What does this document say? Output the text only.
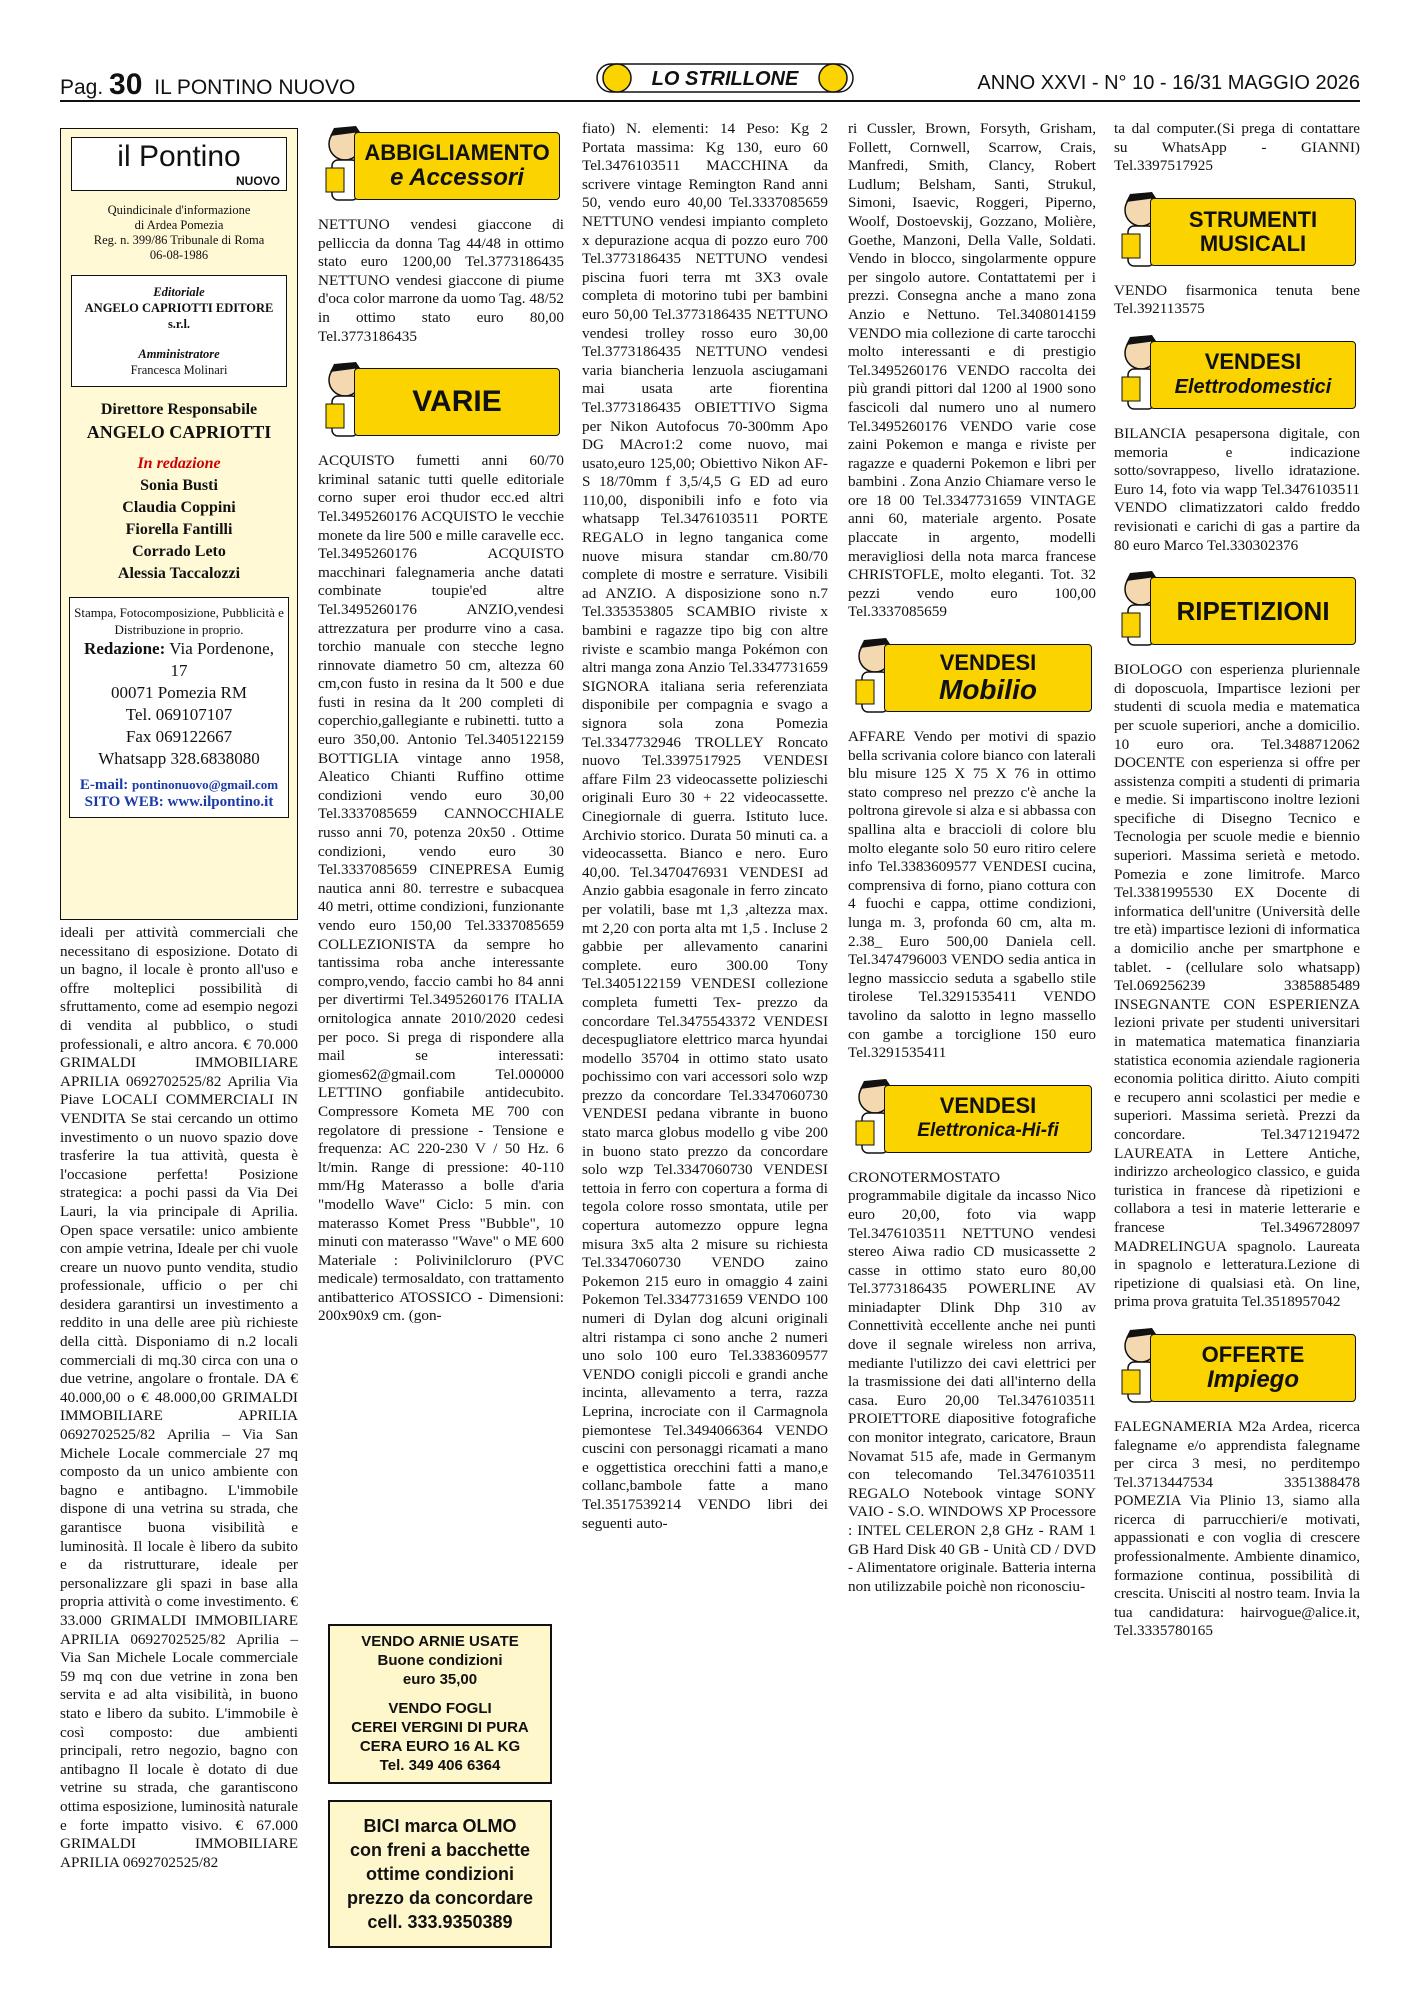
Pag. 30 IL PONTINO NUOVO	LO STRILLONE	ANNO XXVI - N° 10 - 16/31 MAGGIO 2026
il Pontino
NUOVO
Quindicinale d'informazione
di Ardea Pomezia
Reg. n. 399/86 Tribunale di Roma
06-08-1986
Editoriale
ANGELO CAPRIOTTI EDITORE s.r.l.
Amministratore
Francesca Molinari
Direttore Responsabile
ANGELO CAPRIOTTI
In redazione
Sonia Busti
Claudia Coppini
Fiorella Fantilli
Corrado Leto
Alessia Taccalozzi
Stampa, Fotocomposizione, Pubblicità e Distribuzione in proprio.
Redazione: Via Pordenone, 17
00071 Pomezia RM
Tel. 069107107
Fax 069122667
Whatsapp 328.6838080
E-mail: pontinonuovo@gmail.com
SITO WEB: www.ilpontino.it

ideali per attività commerciali che necessitano di esposizione. Dotato di un bagno, il locale è pronto all'uso e offre molteplici possibilità di sfruttamento, come ad esempio negozi di vendita al pubblico, o studi professionali, e altro ancora. € 70.000 GRIMALDI IMMOBILIARE APRILIA 0692702525/82 Aprilia Via Piave LOCALI COMMERCIALI IN VENDITA Se stai cercando un ottimo investimento o un nuovo spazio dove trasferire la tua attività, questa è l'occasione perfetta! Posizione strategica: a pochi passi da Via Dei Lauri, la via principale di Aprilia. Open space versatile: unico ambiente con ampie vetrina, Ideale per chi vuole creare un nuovo punto vendita, studio professionale, ufficio o per chi desidera garantirsi un investimento a reddito in una delle aree più richieste della città. Disponiamo di n.2 locali commerciali di mq.30 circa con una o due vetrine, angolare o frontale. DA € 40.000,00 o € 48.000,00 GRIMALDI IMMOBILIARE APRILIA 0692702525/82 Aprilia – Via San Michele Locale commerciale 27 mq composto da un unico ambiente con bagno e antibagno. L'immobile dispone di una vetrina su strada, che garantisce buona visibilità e luminosità. Il locale è libero da subito e da ristrutturare, ideale per personalizzare gli spazi in base alla propria attività o come investimento. € 33.000 GRIMALDI IMMOBILIARE APRILIA 0692702525/82 Aprilia – Via San Michele Locale commerciale 59 mq con due vetrine in zona ben servita e ad alta visibilità, in buono stato e libero da subito. L'immobile è così composto: due ambienti principali, retro negozio, bagno con antibagno Il locale è dotato di due vetrine su strada, che garantiscono ottima esposizione, luminosità naturale e forte impatto visivo. € 67.000 GRIMALDI IMMOBILIARE APRILIA 0692702525/82

ABBIGLIAMENTO
e Accessori

NETTUNO vendesi giaccone di pelliccia da donna Tag 44/48 in ottimo stato euro 1200,00 Tel.3773186435 NETTUNO vendesi giaccone di piume d'oca color marrone da uomo Tag. 48/52 in ottimo stato euro 80,00 Tel.3773186435

VARIE

ACQUISTO fumetti anni 60/70 kriminal satanic tutti quelle editoriale corno super eroi thudor ecc.ed altri Tel.3495260176 ACQUISTO le vecchie monete da lire 500 e mille caravelle ecc. Tel.3495260176 ACQUISTO macchinari falegnameria anche datati combinate toupie'ed altre Tel.3495260176 ANZIO,vendesi attrezzatura per produrre vino a casa. torchio manuale con stecche legno rinnovate diametro 50 cm, altezza 60 cm,con fusto in resina da lt 500 e due fusti in resina da lt 200 completi di coperchio,gallegiante e rubinetti. tutto a euro 350,00. Antonio Tel.3405122159 BOTTIGLIA vintage anno 1958, Aleatico Chianti Ruffino ottime condizioni vendo euro 30,00 Tel.3337085659 CANNOCCHIALE russo anni 70, potenza 20x50 . Ottime condizioni, vendo euro 30 Tel.3337085659 CINEPRESA Eumig nautica anni 80. terrestre e subacquea 40 metri, ottime condizioni, funzionante vendo euro 150,00 Tel.3337085659 COLLEZIONISTA da sempre ho tantissima roba anche interessante compro,vendo, faccio cambi ho 84 anni per divertirmi Tel.3495260176 ITALIA ornitologica annate 2010/2020 cedesi per poco. Si prega di rispondere alla mail se interessati: giomes62@gmail.com Tel.000000 LETTINO gonfiabile antidecubito. Compressore Kometa ME 700 con regolatore di pressione - Tensione e frequenza: AC 220-230 V / 50 Hz. 6 lt/min. Range di pressione: 40-110 mm/Hg Materasso a bolle d'aria "modello Wave" Ciclo: 5 min. con materasso Komet Press "Bubble", 10 minuti con materasso "Wave" o ME 600 Materiale : Polivinilcloruro (PVC medicale) termosaldato, con trattamento antibatterico ATOSSICO - Dimensioni: 200x90x9 cm. (gon-

VENDO ARNIE USATE
Buone condizioni
euro 35,00
VENDO FOGLI
CEREI VERGINI DI PURA
CERA EURO 16 AL KG
Tel. 349 406 6364
BICI marca OLMO
con freni a bacchette
ottime condizioni
prezzo da concordare
cell. 333.9350389

fiato) N. elementi: 14 Peso: Kg 2 Portata massima: Kg 130, euro 60 Tel.3476103511 MACCHINA da scrivere vintage Remington Rand anni 50, vendo euro 40,00 Tel.3337085659 NETTUNO vendesi impianto completo x depurazione acqua di pozzo euro 700 Tel.3773186435 NETTUNO vendesi piscina fuori terra mt 3X3 ovale completa di motorino tubi per bambini euro 50,00 Tel.3773186435 NETTUNO vendesi trolley rosso euro 30,00 Tel.3773186435 NETTUNO vendesi varia biancheria lenzuola asciugamani mai usata arte fiorentina Tel.3773186435 OBIETTIVO Sigma per Nikon Autofocus 70-300mm Apo DG MAcro1:2 come nuovo, mai usato,euro 125,00; Obiettivo Nikon AF-S 18/70mm f 3,5/4,5 G ED ad euro 110,00, disponibili info e foto via whatsapp Tel.3476103511 PORTE REGALO in legno tanganica come nuove misura standar cm.80/70 complete di mostre e serrature. Visibili ad ANZIO. A disposizione sono n.7 Tel.335353805 SCAMBIO riviste x bambini e ragazze tipo big con altre riviste e scambio manga Pokémon con altri manga zona Anzio Tel.3347731659 SIGNORA italiana seria referenziata disponibile per compagnia e svago a signora sola zona Pomezia Tel.3347732946 TROLLEY Roncato nuovo Tel.3397517925 VENDESI affare Film 23 videocassette polizieschi originali Euro 30 + 22 videocassette. Cinegiornale di guerra. Istituto luce. Archivio storico. Durata 50 minuti ca. a videocassetta. Bianco e nero. Euro 40,00. Tel.3470476931 VENDESI ad Anzio gabbia esagonale in ferro zincato per volatili, base mt 1,3 ,altezza max. mt 2,20 con porta alta mt 1,5 . Incluse 2 gabbie per allevamento canarini complete. euro 300.00 Tony Tel.3405122159 VENDESI collezione completa fumetti Tex- prezzo da concordare Tel.3475543372 VENDESI decespugliatore elettrico marca hyundai modello 35704 in ottimo stato usato pochissimo con vari accessori solo wzp prezzo da concordare Tel.3347060730 VENDESI pedana vibrante in buono stato marca globus modello g vibe 200 in buono stato prezzo da concordare solo wzp Tel.3347060730 VENDESI tettoia in ferro con copertura a forma di tegola colore rosso smontata, utile per copertura automezzo oppure legna misura 3x5 alta 2 misure su richiesta Tel.3347060730 VENDO zaino Pokemon 215 euro in omaggio 4 zaini Pokemon Tel.3347731659 VENDO 100 numeri di Dylan dog alcuni originali altri ristampa ci sono anche 2 numeri uno solo 100 euro Tel.3383609577 VENDO conigli piccoli e grandi anche incinta, allevamento a terra, razza Leprina, incrociate con il Carmagnola piemontese Tel.3494066364 VENDO cuscini con personaggi ricamati a mano e oggettistica orecchini fatti a mano,e collanc,bambole fatte a mano Tel.3517539214 VENDO libri dei seguenti auto-

ri Cussler, Brown, Forsyth, Grisham, Follett, Cornwell, Scarrow, Crais, Manfredi, Smith, Clancy, Robert Ludlum; Belsham, Santi, Strukul, Simoni, Isaevic, Roggeri, Piperno, Woolf, Dostoevskij, Gozzano, Molière, Goethe, Manzoni, Della Valle, Soldati. Vendo in blocco, singolarmente oppure per singolo autore. Contattatemi per i prezzi. Consegna anche a mano zona Anzio e Nettuno. Tel.3408014159 VENDO mia collezione di carte tarocchi molto interessanti e di prestigio Tel.3495260176 VENDO raccolta dei più grandi pittori dal 1200 al 1900 sono fascicoli dal numero uno al numero Tel.3495260176 VENDO varie cose zaini Pokemon e manga e riviste per ragazze e quaderni Pokemon e libri per bambini . Zona Anzio Chiamare verso le ore 18 00 Tel.3347731659 VINTAGE anni 60, materiale argento. Posate placcate in argento, modelli meravigliosi della nota marca francese CHRISTOFLE, molto eleganti. Tot. 32 pezzi vendo euro 100,00 Tel.3337085659

VENDESI
Mobilio

AFFARE Vendo per motivi di spazio bella scrivania colore bianco con laterali blu misure 125 X 75 X 76 in ottimo stato compreso nel prezzo c'è anche la poltrona girevole si alza e si abbassa con spallina alta e braccioli di colore blu molto elegante solo 50 euro ritiro celere info Tel.3383609577 VENDESI cucina, comprensiva di forno, piano cottura con 4 fuochi e cappa, ottime condizioni, lunga m. 3, profonda 60 cm, alta m. 2.38_ Euro 500,00 Daniela cell. Tel.3474796003 VENDO sedia antica in legno massiccio seduta a sgabello stile tirolese Tel.3291535411 VENDO tavolino da salotto in legno massello con gambe a torciglione 150 euro Tel.3291535411

VENDESI
Elettronica-Hi-fi

CRONOTERMOSTATO programmabile digitale da incasso Nico euro 20,00, foto via wapp Tel.3476103511 NETTUNO vendesi stereo Aiwa radio CD musicassette 2 casse in ottimo stato euro 80,00 Tel.3773186435 POWERLINE AV miniadapter Dlink Dhp 310 av Connettività eccellente anche nei punti dove il segnale wireless non arriva, mediante l'utilizzo dei cavi elettrici per la trasmissione dei dati all'interno della casa. Euro 20,00 Tel.3476103511 PROIETTORE diapositive fotografiche con monitor integrato, caricatore, Braun Novamat 515 afe, made in Germanym con telecomando Tel.3476103511 REGALO Notebook vintage SONY VAIO - S.O. WINDOWS XP Processore : INTEL CELERON 2,8 GHz - RAM 1 GB Hard Disk 40 GB - Unità CD / DVD - Alimentatore originale. Batteria interna non utilizzabile poichè non riconosciu-

ta dal computer.(Si prega di contattare su WhatsApp - GIANNI) Tel.3397517925

STRUMENTI
MUSICALI

VENDO fisarmonica tenuta bene Tel.392113575

VENDESI
Elettrodomestici

BILANCIA pesapersona digitale, con memoria e indicazione sotto/sovrappeso, livello idratazione. Euro 14, foto via wapp Tel.3476103511 VENDO climatizzatori caldo freddo revisionati e carichi di gas a partire da 80 euro Marco Tel.330302376

RIPETIZIONI

BIOLOGO con esperienza pluriennale di doposcuola, Impartisce lezioni per studenti di scuola media e matematica per scuole superiori, anche a domicilio. 10 euro ora. Tel.3488712062 DOCENTE con esperienza si offre per assistenza compiti a studenti di primaria e medie. Si impartiscono inoltre lezioni specifiche di Disegno Tecnico e Tecnologia per scuole medie e biennio superiori. Massima serietà e metodo. Pomezia e zone limitrofe. Marco Tel.3381995530 EX Docente di informatica dell'unitre (Università delle tre età) impartisce lezioni di informatica a domicilio anche per smartphone e tablet. - (cellulare solo whatsapp) Tel.069256239 3385885489 INSEGNANTE CON ESPERIENZA lezioni private per studenti universitari in matematica matematica finanziaria statistica economia aziendale ragioneria economia politica diritto. Aiuto compiti e recupero anni scolastici per medie e superiori. Massima serietà. Prezzi da concordare. Tel.3471219472 LAUREATA in Lettere Antiche, indirizzo archeologico classico, e guida turistica in francese dà ripetizioni e collabora a tesi in materie letterarie e francese Tel.3496728097 MADRELINGUA spagnolo. Laureata in spagnolo e letteratura.Lezione di ripetizione di qualsiasi età. On line, prima prova gratuita Tel.3518957042

OFFERTE
Impiego

FALEGNAMERIA M2a Ardea, ricerca falegname e/o apprendista falegname per circa 3 mesi, no perditempo Tel.3713447534 3351388478 POMEZIA Via Plinio 13, siamo alla ricerca di parrucchieri/e motivati, appassionati e con voglia di crescere professionalmente. Ambiente dinamico, formazione continua, possibilità di crescita. Unisciti al nostro team. Invia la tua candidatura: hairvogue@alice.it, Tel.3335780165
